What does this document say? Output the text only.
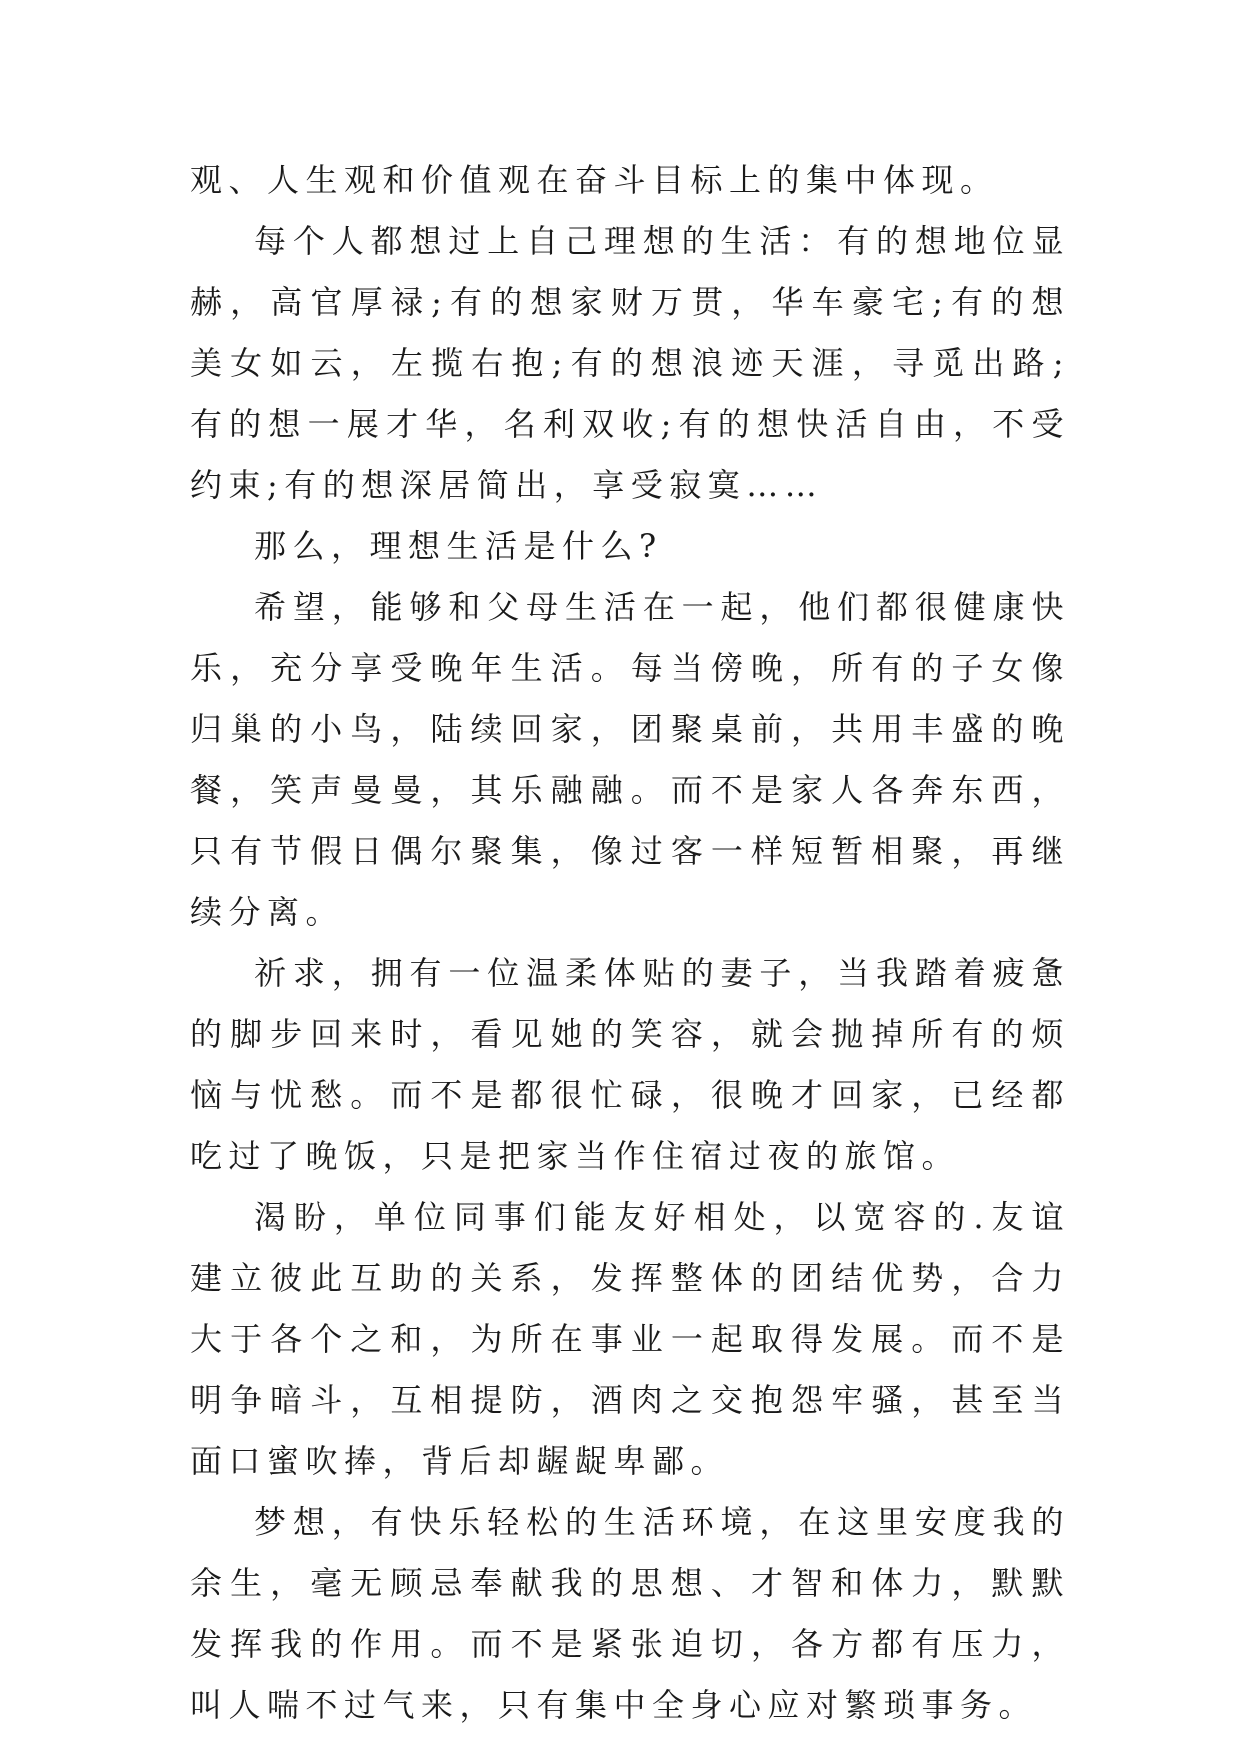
观、人生观和价值观在奋斗目标上的集中体现。

每个人都想过上自己理想的生活：有的想地位显赫，高官厚禄;有的想家财万贯，华车豪宅;有的想美女如云，左揽右抱;有的想浪迹天涯，寻觅出路;有的想一展才华，名利双收;有的想快活自由，不受约束;有的想深居简出，享受寂寞……

那么，理想生活是什么?

希望，能够和父母生活在一起，他们都很健康快乐，充分享受晚年生活。每当傍晚，所有的子女像归巢的小鸟，陆续回家，团聚桌前，共用丰盛的晚餐，笑声曼曼，其乐融融。而不是家人各奔东西，只有节假日偶尔聚集，像过客一样短暂相聚，再继续分离。

祈求，拥有一位温柔体贴的妻子，当我踏着疲惫的脚步回来时，看见她的笑容，就会抛掉所有的烦恼与忧愁。而不是都很忙碌，很晚才回家，已经都吃过了晚饭，只是把家当作住宿过夜的旅馆。

渴盼，单位同事们能友好相处，以宽容的.友谊建立彼此互助的关系，发挥整体的团结优势，合力大于各个之和，为所在事业一起取得发展。而不是明争暗斗，互相提防，酒肉之交抱怨牢骚，甚至当面口蜜吹捧，背后却龌龊卑鄙。

梦想，有快乐轻松的生活环境，在这里安度我的余生，毫无顾忌奉献我的思想、才智和体力，默默发挥我的作用。而不是紧张迫切，各方都有压力，叫人喘不过气来，只有集中全身心应对繁琐事务。
